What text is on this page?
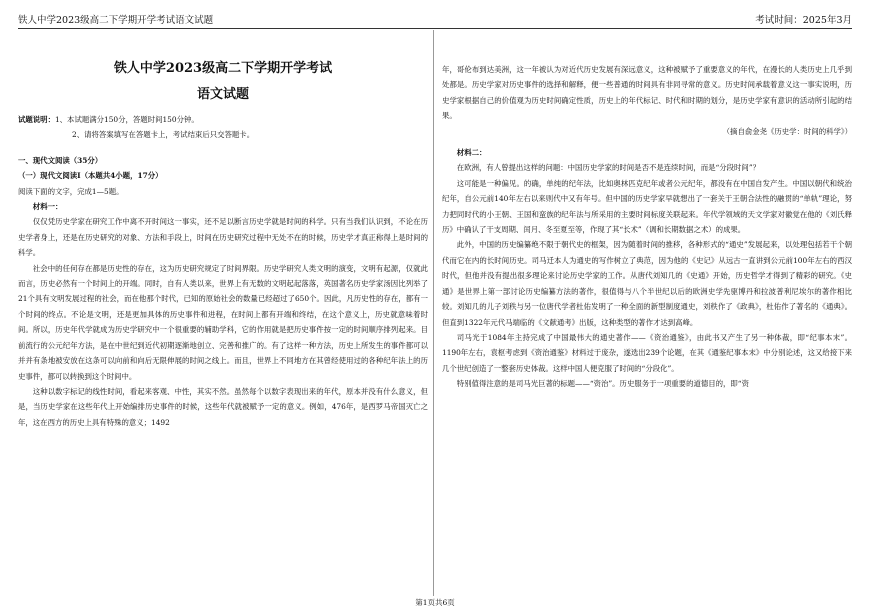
铁人中学2023级高二下学期开学考试语文试题	考试时间：2025年3月
铁人中学2023级高二下学期开学考试
语文试题

试题说明：1、本试题满分150分，答题时间150分钟。

2、请将答案填写在答题卡上，考试结束后只交答题卡。

一、现代文阅读（35分）

（一）现代文阅读Ⅰ（本题共4小题，17分）

阅读下面的文字，完成1—5题。

材料一：

仅仅凭历史学家在研究工作中离不开时间这一事实，还不足以断言历史学就是时间的科学。只有当我们认识到，不论在历史学者身上，还是在历史研究的对象、方法和手段上，时间在历史研究过程中无处不在的时候，历史学才真正称得上是时间的科学。

社会中的任何存在都是历史性的存在，这为历史研究规定了时间界限。历史学研究人类文明的演变，文明有起源，仅就此而言，历史必然有一个时间上的开端。同时，自有人类以来，世界上有无数的文明起起落落，英国著名历史学家汤因比列举了21个具有文明发展过程的社会，而在他那个时代，已知的原始社会的数量已经超过了650个。因此，凡历史性的存在，都有一个时间的终点。不论是文明，还是更加具体的历史事件和进程，在时间上都有开端和终结，在这个意义上，历史就意味着时间。所以，历史年代学就成为历史学研究中一个很重要的辅助学科，它的作用就是把历史事件按一定的时间顺序排列起来。目前流行的公元纪年方法，是在中世纪到近代初期逐渐地创立、完善和推广的。有了这样一种方法，历史上所发生的事件都可以并并有条地被安放在这条可以向前和向后无限伸展的时间之线上。而且，世界上不同地方在其曾经使用过的各种纪年法上的历史事件，都可以转换到这个时间中。

这种以数字标记的线性时间，看起来客观、中性，其实不然。虽然每个以数字表现出来的年代，原本并没有什么意义，但是，当历史学家在这些年代上开始编排历史事件的时候，这些年代就被赋予一定的意义。例如，476年，是西罗马帝国灭亡之年，这在西方的历史上具有特殊的意义；1492

年，哥伦布到达美洲，这一年被认为对近代历史发展有深远意义，这种被赋予了重要意义的年代，在漫长的人类历史上几乎到处都是。历史学家对历史事件的选择和解释，便一些普通的时间具有非同寻常的意义。历史时间承载着意义这一事实说明，历史学家根据自己的价值观为历史时间确定性质，历史上的年代标记、时代和时期的划分，是历史学家有意识的活动所引起的结果。

（摘自俞金尧《历史学：时间的科学》）

材料二：

在欧洲，有人曾提出这样的问题：中国历史学家的时间是否不是连续时间，而是“分段时间”？

这可能是一种偏见。的确，单纯的纪年法，比如奥林匹克纪年或者公元纪年，都没有在中国自发产生。中国以朝代和统治纪年，自公元前140年左右以来则代中又有年号。但中国的历史学家早就想出了一套关于王朝合法性的融贯的“单轨”理论，努力把同时代的小王朝、王国和蛮族的纪年法与所采用的主要时间标度关联起来。年代学领域的天文学家对徽觉在他的《刘氏释历》中确认了干支周期、闰月、冬至夏至等，作现了其“长术”（调和长期数据之术）的成果。

此外，中国的历史编纂绝不限于朝代史的框架，因为随着时间的推移，各种形式的“通史”发展起来，以处理包括若干个朝代而它在内的长时间历史。司马迁本人为通史的写作树立了典范，因为他的《史记》从远古一直讲到公元前100年左右的西汉时代，但他并没有提出很多理论来讨论历史学家的工作。从唐代刘知几的《史通》开始，历史哲学才得到了精彩的研究。《史通》是世界上第一部讨论历史编纂方法的著作，很值得与八个半世纪以后的欧洲史学先驱博丹和拉波普利尼埃尔的著作相比较。刘知几的儿子刘秩与另一位唐代学者杜佑发明了一种全面的新型制度通史，刘秩作了《政典》，杜佑作了著名的《通典》。但直到1322年元代马端临的《文献通考》出版，这种类型的著作才达到高峰。

司马光于1084年主持完成了中国最伟大的通史著作——《资治通鉴》，由此书又产生了另一种体裁，即“纪事本末”。1190年左右，袁枢考虑到《资治通鉴》材料过于庞杂，遂选出239个论题，在其《通鉴纪事本末》中分别论述，这又给接下来几个世纪创造了一整套历史体裁。这样中国人便克服了时间的“分段化”。

特别值得注意的是司马光巨著的标题——“资治”。历史服务于一项重要的道德目的，即“资

第1页共6页
